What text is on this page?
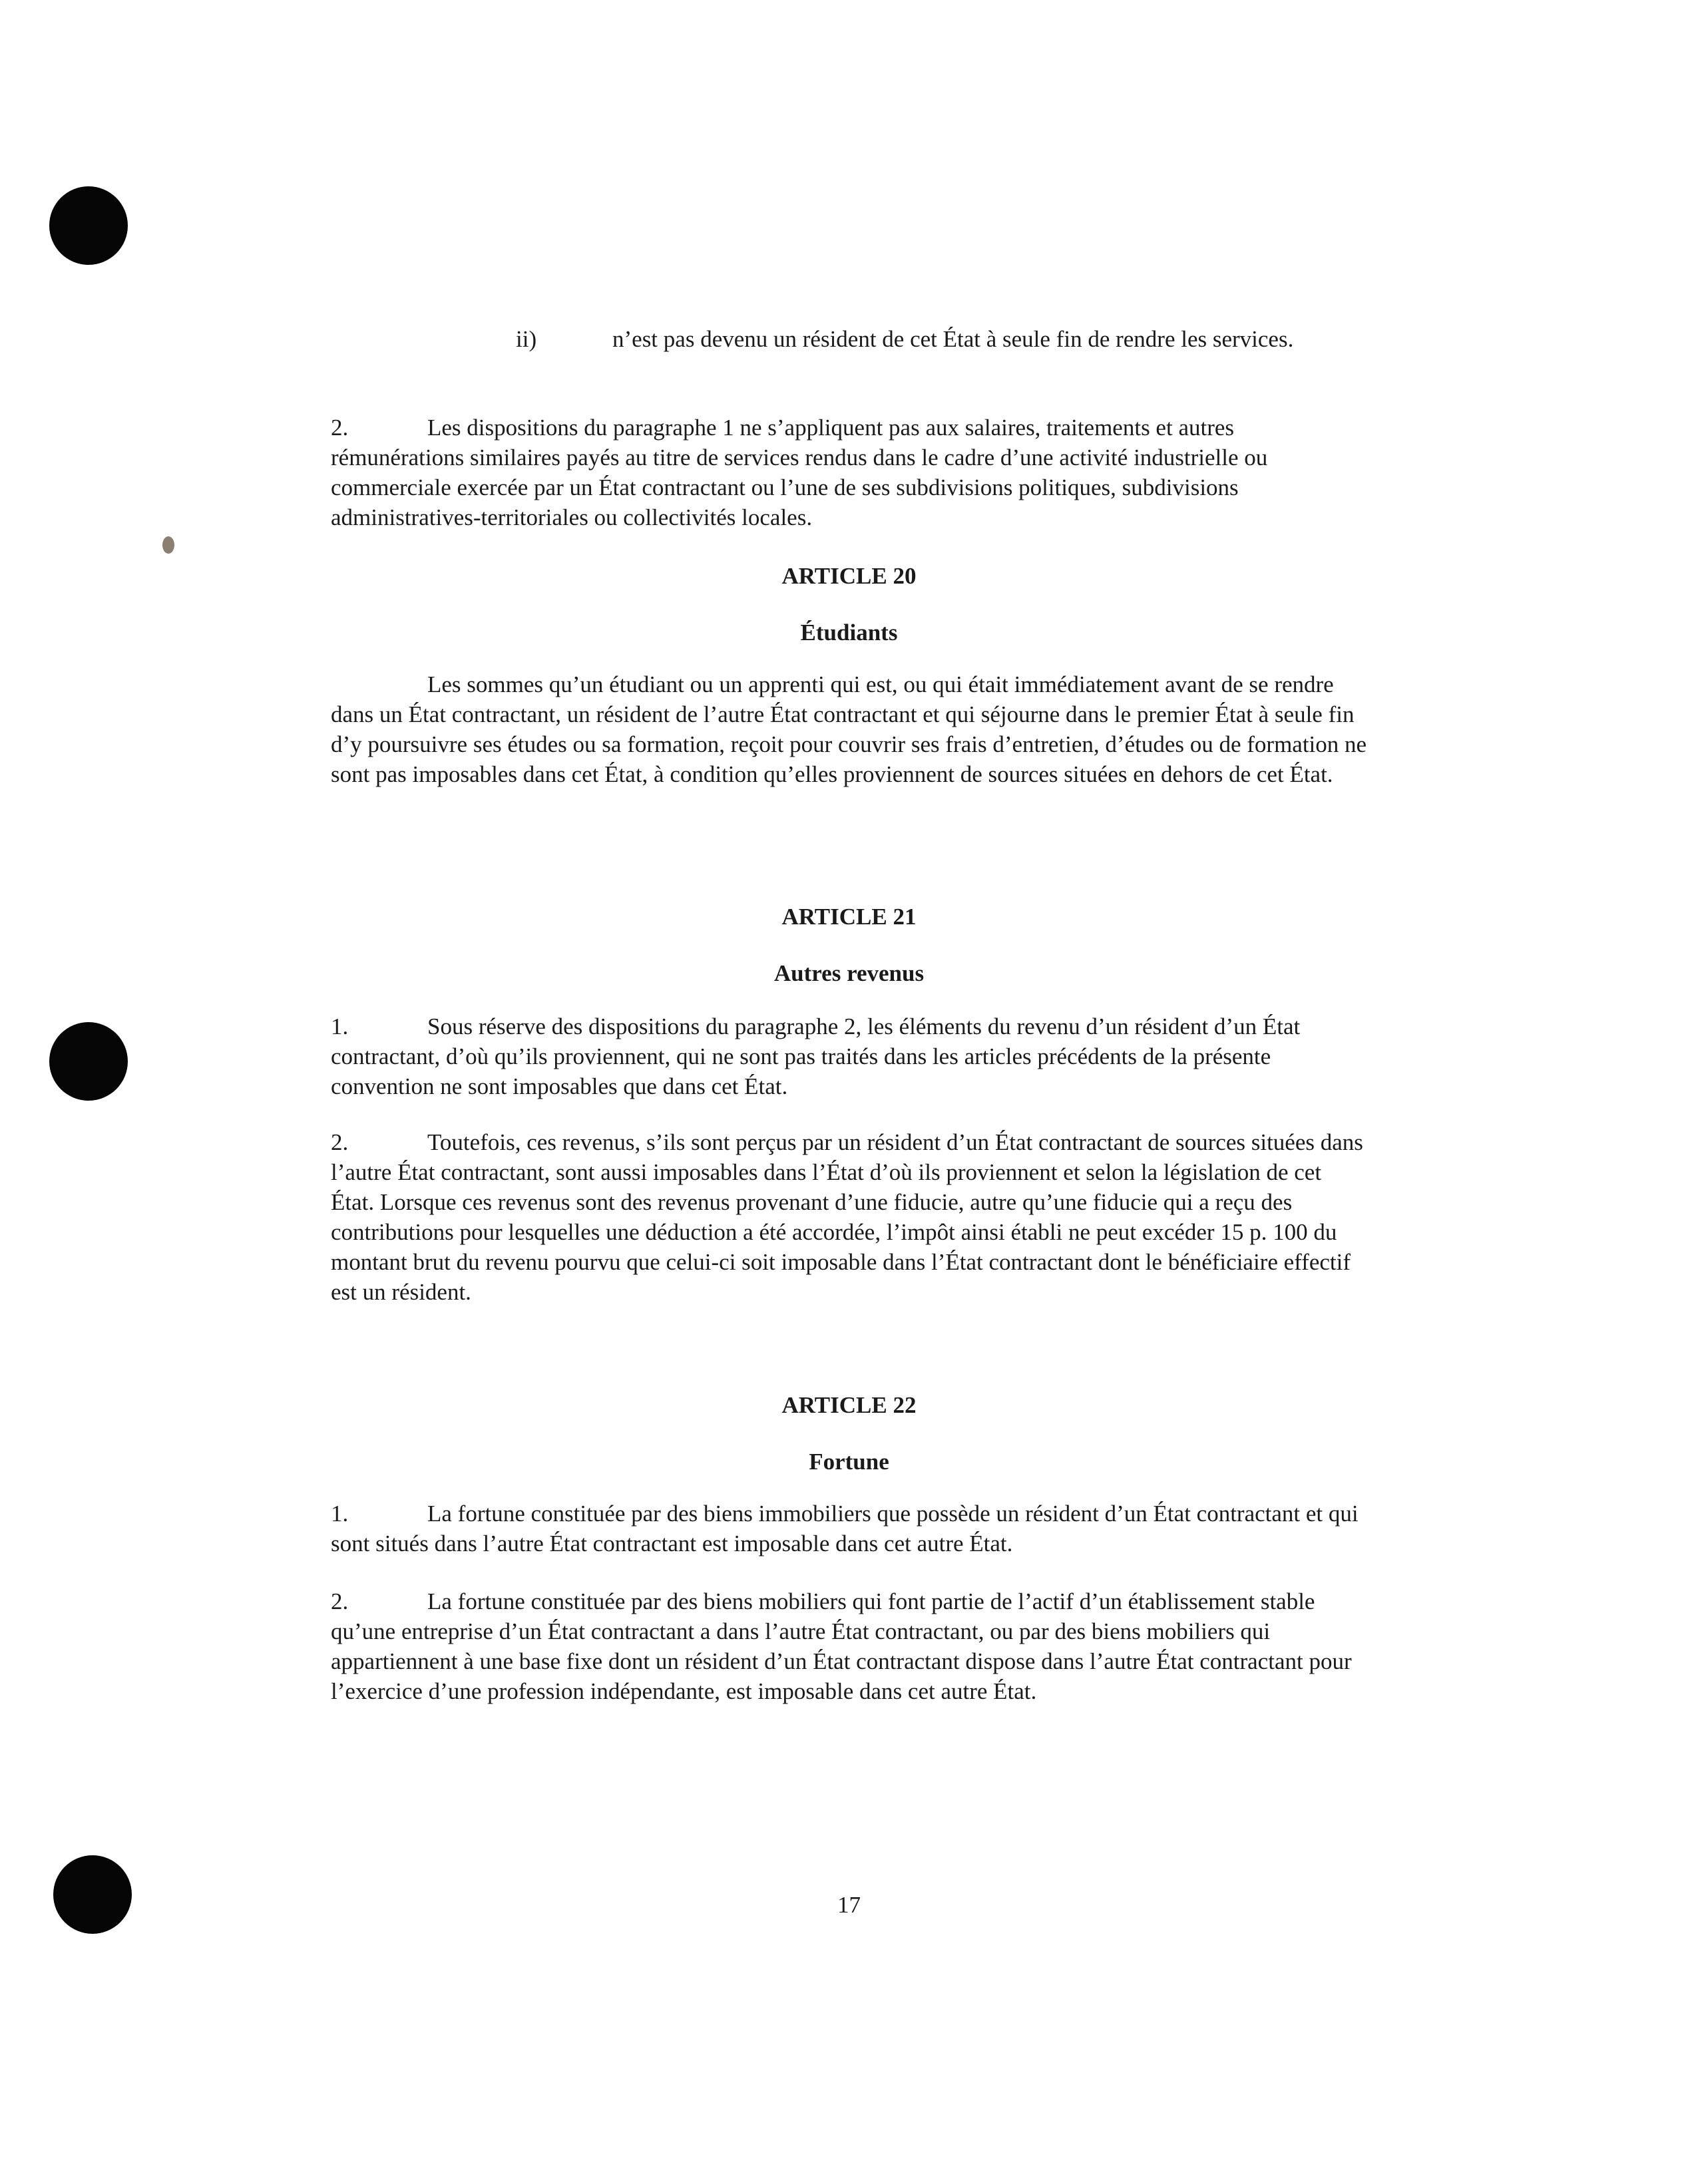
ii)	n’est pas devenu un résident de cet État à seule fin de rendre les services.
2.	Les dispositions du paragraphe 1 ne s’appliquent pas aux salaires, traitements et autres rémunérations similaires payés au titre de services rendus dans le cadre d’une activité industrielle ou commerciale exercée par un État contractant ou l’une de ses subdivisions politiques, subdivisions administratives-territoriales ou collectivités locales.
ARTICLE 20
Étudiants
Les sommes qu’un étudiant ou un apprenti qui est, ou qui était immédiatement avant de se rendre dans un État contractant, un résident de l’autre État contractant et qui séjourne dans le premier État à seule fin d’y poursuivre ses études ou sa formation, reçoit pour couvrir ses frais d’entretien, d’études ou de formation ne sont pas imposables dans cet État, à condition qu’elles proviennent de sources situées en dehors de cet État.
ARTICLE 21
Autres revenus
1.	Sous réserve des dispositions du paragraphe 2, les éléments du revenu d’un résident d’un État contractant, d’où qu’ils proviennent, qui ne sont pas traités dans les articles précédents de la présente convention ne sont imposables que dans cet État.
2.	Toutefois, ces revenus, s’ils sont perçus par un résident d’un État contractant de sources situées dans l’autre État contractant, sont aussi imposables dans l’État d’où ils proviennent et selon la législation de cet État. Lorsque ces revenus sont des revenus provenant d’une fiducie, autre qu’une fiducie qui a reçu des contributions pour lesquelles une déduction a été accordée, l’impôt ainsi établi ne peut excéder 15 p. 100 du montant brut du revenu pourvu que celui-ci soit imposable dans l’État contractant dont le bénéficiaire effectif est un résident.
ARTICLE 22
Fortune
1.	La fortune constituée par des biens immobiliers que possède un résident d’un État contractant et qui sont situés dans l’autre État contractant est imposable dans cet autre État.
2.	La fortune constituée par des biens mobiliers qui font partie de l’actif d’un établissement stable qu’une entreprise d’un État contractant a dans l’autre État contractant, ou par des biens mobiliers qui appartiennent à une base fixe dont un résident d’un État contractant dispose dans l’autre État contractant pour l’exercice d’une profession indépendante, est imposable dans cet autre État.
17
